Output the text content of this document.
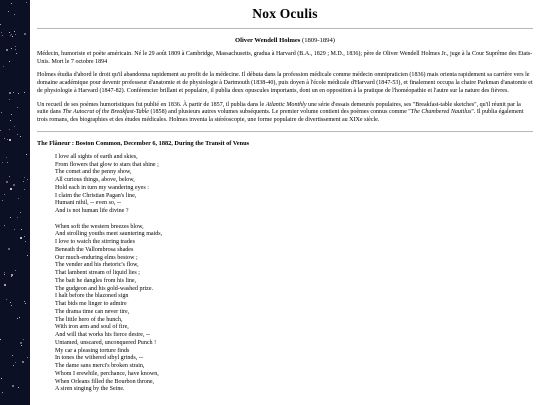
Nox Oculis
Oliver Wendell Holmes (1809-1894)

Médecin, humoriste et poète américain. Né le 29 août 1809 à Cambridge, Massachusetts, gradua à Harvard (B.A., 1829 ; M.D., 1836); père de Oliver Wendell Holmes Jr., juge à la Cour Suprême des Etats-Unis. Mort le 7 octobre 1894

Holmes étudia d'abord le droit qu'il abandonna rapidement au profit de la médecine. Il débuta dans la profession médicale comme médecin omnipraticien (1836) mais orienta rapidement sa carrière vers le domaine académique pour devenir professeur d'anatomie et de physiologie à Dartmouth (1838-40), puis doyen à l'école médicale d'Harvard (1847-53), et finalement occupa la chaire Parkman d'anatomie et de physiologie à Harvard (1847-82). Conférencier brillant et populaire, il publia deux opuscules importants, dont un en opposition à la pratique de l'homéopathie et l'autre sur la nature des fièvres.

Un recueil de ses poèmes humoristiques fut publié en 1836. À partir de 1857, il publia dans le Atlantic Monthly une série d'essais demeurés populaires, ses "Breakfast-table sketches", qu'il réunit par la suite dans The Autocrat of the Breakfast-Table (1858) and plusieurs autres volumes subséquents. Le premier volume contient des poèmes connus comme "The Chambered Nautilus". Il publia également trois romans, des biographies et des études médicales. Holmes inventa la stéréoscopie, une forme populaire de divertissement au XIXe siècle.

The Flâneur : Boston Common, December 6, 1882, During the Transit of Venus
I love all sights of earth and skies,
From flowers that glow to stars that shine ;
The comet and the penny show,
All curious things, above, below,
Hold each in turn my wandering eyes :
I claim the Christian Pagan's line,
Humani nihil, -- even so, --
And is not human life divine ?
When soft the western breezes blow,
And strolling youths meet sauntering maids,
I love to watch the stirring trades
Beneath the Vallombrosa shades
Our much-enduring elms bestow ;
The vender and his rhetoric's flow,
That lambent stream of liquid lies ;
The bait he dangles from his line,
The gudgeon and his gold-washed prize.
I halt before the blazoned sign
That bids me linger to admire
The drama time can never tire,
The little hero of the hunch,
With iron arm and soul of fire,
And will that works his fierce desire, --
Untamed, unscared, unconquered Punch !
My car a pleasing torture finds
In tones the withered sibyl grinds, --
The dame sans merci's broken strain,
Whom I erewhile, perchance, have known,
When Orleans filled the Bourbon throne,
A siren singing by the Seine.
